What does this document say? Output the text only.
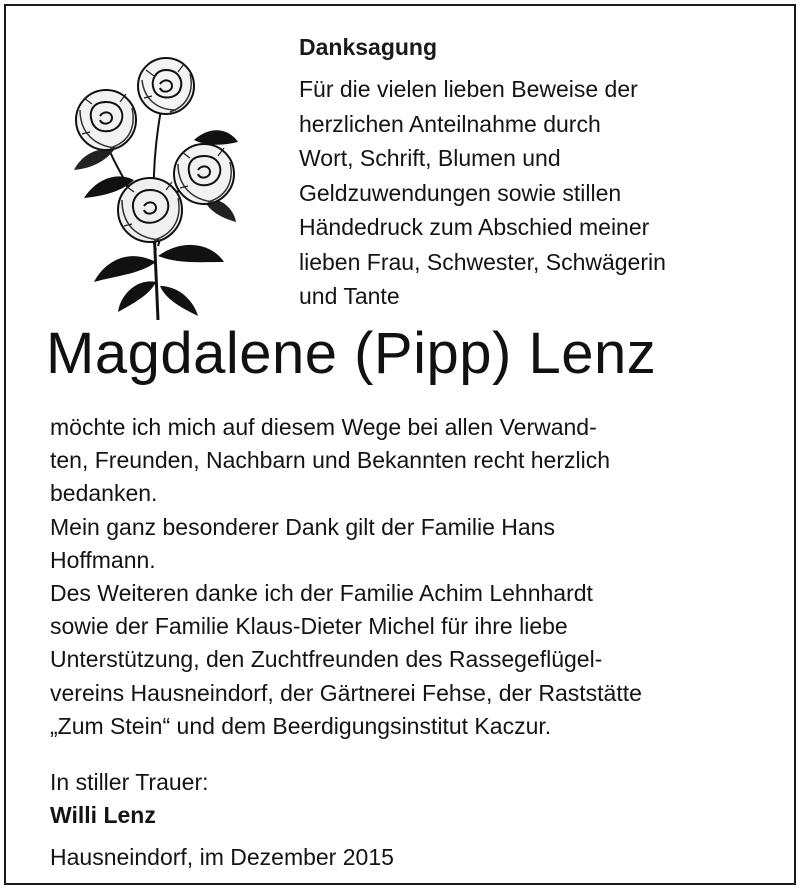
Danksagung
Für die vielen lieben Beweise der
herzlichen Anteilnahme durch
Wort, Schrift, Blumen und
Geldzuwendungen sowie stillen
Händedruck zum Abschied meiner
lieben Frau, Schwester, Schwägerin
und Tante
Magdalene (Pipp) Lenz
möchte ich mich auf diesem Wege bei allen Verwand-
ten, Freunden, Nachbarn und Bekannten recht herzlich
bedanken.
Mein ganz besonderer Dank gilt der Familie Hans
Hoffmann.
Des Weiteren danke ich der Familie Achim Lehnhardt
sowie der Familie Klaus-Dieter Michel für ihre liebe
Unterstützung, den Zuchtfreunden des Rassegeflügel-
vereins Hausneindorf, der Gärtnerei Fehse, der Raststätte
„Zum Stein“ und dem Beerdigungsinstitut Kaczur.
In stiller Trauer:
Willi Lenz
Hausneindorf, im Dezember 2015
